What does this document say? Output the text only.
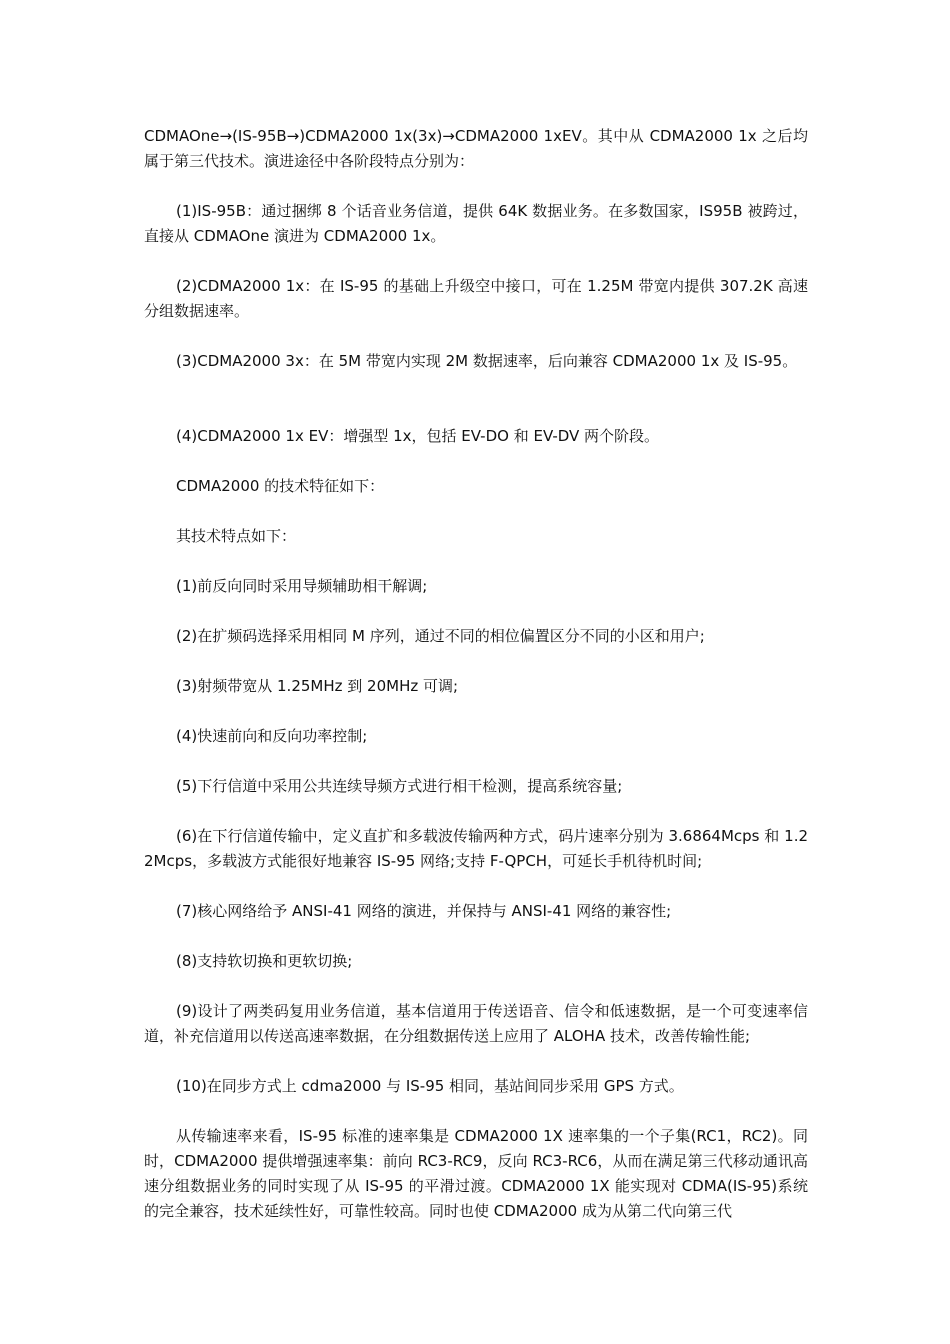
CDMAOne→(IS-95B→)CDMA2000 1x(3x)→CDMA2000 1xEV。其中从 CDMA2000 1x 之后均属于第三代技术。演进途径中各阶段特点分别为：

(1)IS-95B：通过捆绑 8 个话音业务信道，提供 64K 数据业务。在多数国家，IS95B 被跨过，直接从 CDMAOne 演进为 CDMA2000 1x。

(2)CDMA2000 1x：在 IS-95 的基础上升级空中接口，可在 1.25M 带宽内提供 307.2K 高速分组数据速率。

(3)CDMA2000 3x：在 5M 带宽内实现 2M 数据速率，后向兼容 CDMA2000 1x 及 IS-95。

(4)CDMA2000 1x EV：增强型 1x，包括 EV-DO 和 EV-DV 两个阶段。

CDMA2000 的技术特征如下：

其技术特点如下：

(1)前反向同时采用导频辅助相干解调;

(2)在扩频码选择采用相同 M 序列，通过不同的相位偏置区分不同的小区和用户;

(3)射频带宽从 1.25MHz 到 20MHz 可调;

(4)快速前向和反向功率控制;

(5)下行信道中采用公共连续导频方式进行相干检测，提高系统容量;

(6)在下行信道传输中，定义直扩和多载波传输两种方式，码片速率分别为 3.6864Mcps 和 1.22Mcps，多载波方式能很好地兼容 IS-95 网络;支持 F-QPCH，可延长手机待机时间;

(7)核心网络给予 ANSI-41 网络的演进，并保持与 ANSI-41 网络的兼容性;

(8)支持软切换和更软切换;

(9)设计了两类码复用业务信道，基本信道用于传送语音、信令和低速数据，是一个可变速率信道，补充信道用以传送高速率数据，在分组数据传送上应用了 ALOHA 技术，改善传输性能;

(10)在同步方式上 cdma2000 与 IS-95 相同，基站间同步采用 GPS 方式。

从传输速率来看，IS-95 标准的速率集是 CDMA2000 1X 速率集的一个子集(RC1，RC2)。同时，CDMA2000 提供增强速率集：前向 RC3-RC9，反向 RC3-RC6，从而在满足第三代移动通讯高速分组数据业务的同时实现了从 IS-95 的平滑过渡。CDMA2000 1X 能实现对 CDMA(IS-95)系统的完全兼容，技术延续性好，可靠性较高。同时也使 CDMA2000 成为从第二代向第三代
